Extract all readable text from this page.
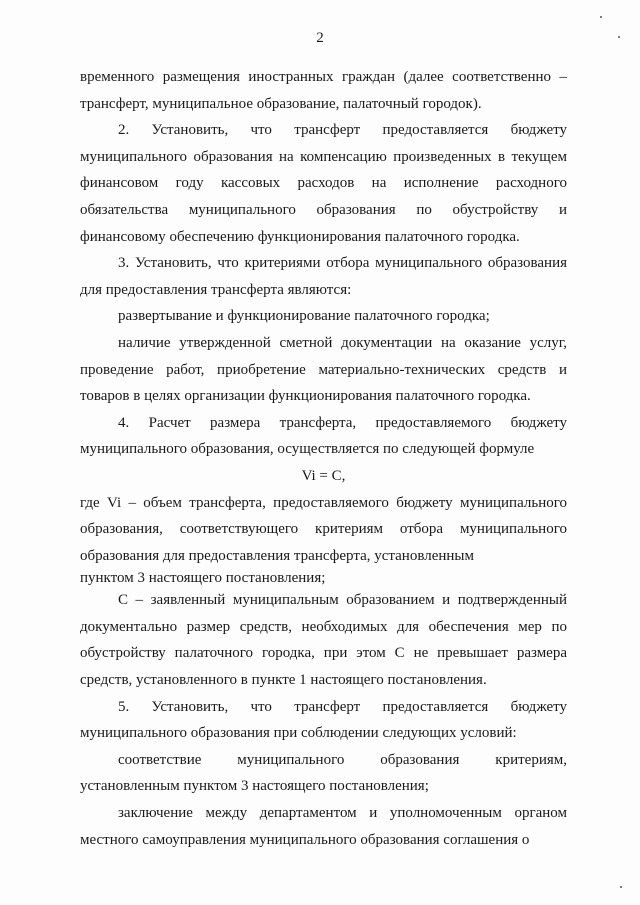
2

временного размещения иностранных граждан (далее соответственно – трансферт, муниципальное образование, палаточный городок).

2. Установить, что трансферт предоставляется бюджету муниципального образования на компенсацию произведенных в текущем финансовом году кассовых расходов на исполнение расходного обязательства муниципального образования по обустройству и финансовому обеспечению функционирования палаточного городка.

3. Установить, что критериями отбора муниципального образования для предоставления трансферта являются:

развертывание и функционирование палаточного городка;

наличие утвержденной сметной документации на оказание услуг, проведение работ, приобретение материально-технических средств и товаров в целях организации функционирования палаточного городка.

4. Расчет размера трансферта, предоставляемого бюджету муниципального образования, осуществляется по следующей формуле

Vi = C,

где Vi – объем трансферта, предоставляемого бюджету муниципального образования, соответствующего критериям отбора муниципального образования для предоставления трансферта, установленным

пунктом 3 настоящего постановления;

С – заявленный муниципальным образованием и подтвержденный документально размер средств, необходимых для обеспечения мер по обустройству палаточного городка, при этом С не превышает размера средств, установленного в пункте 1 настоящего постановления.

5. Установить, что трансферт предоставляется бюджету муниципального образования при соблюдении следующих условий:

соответствие муниципального образования критериям, установленным пунктом 3 настоящего постановления;

заключение между департаментом и уполномоченным органом местного самоуправления муниципального образования соглашения о
